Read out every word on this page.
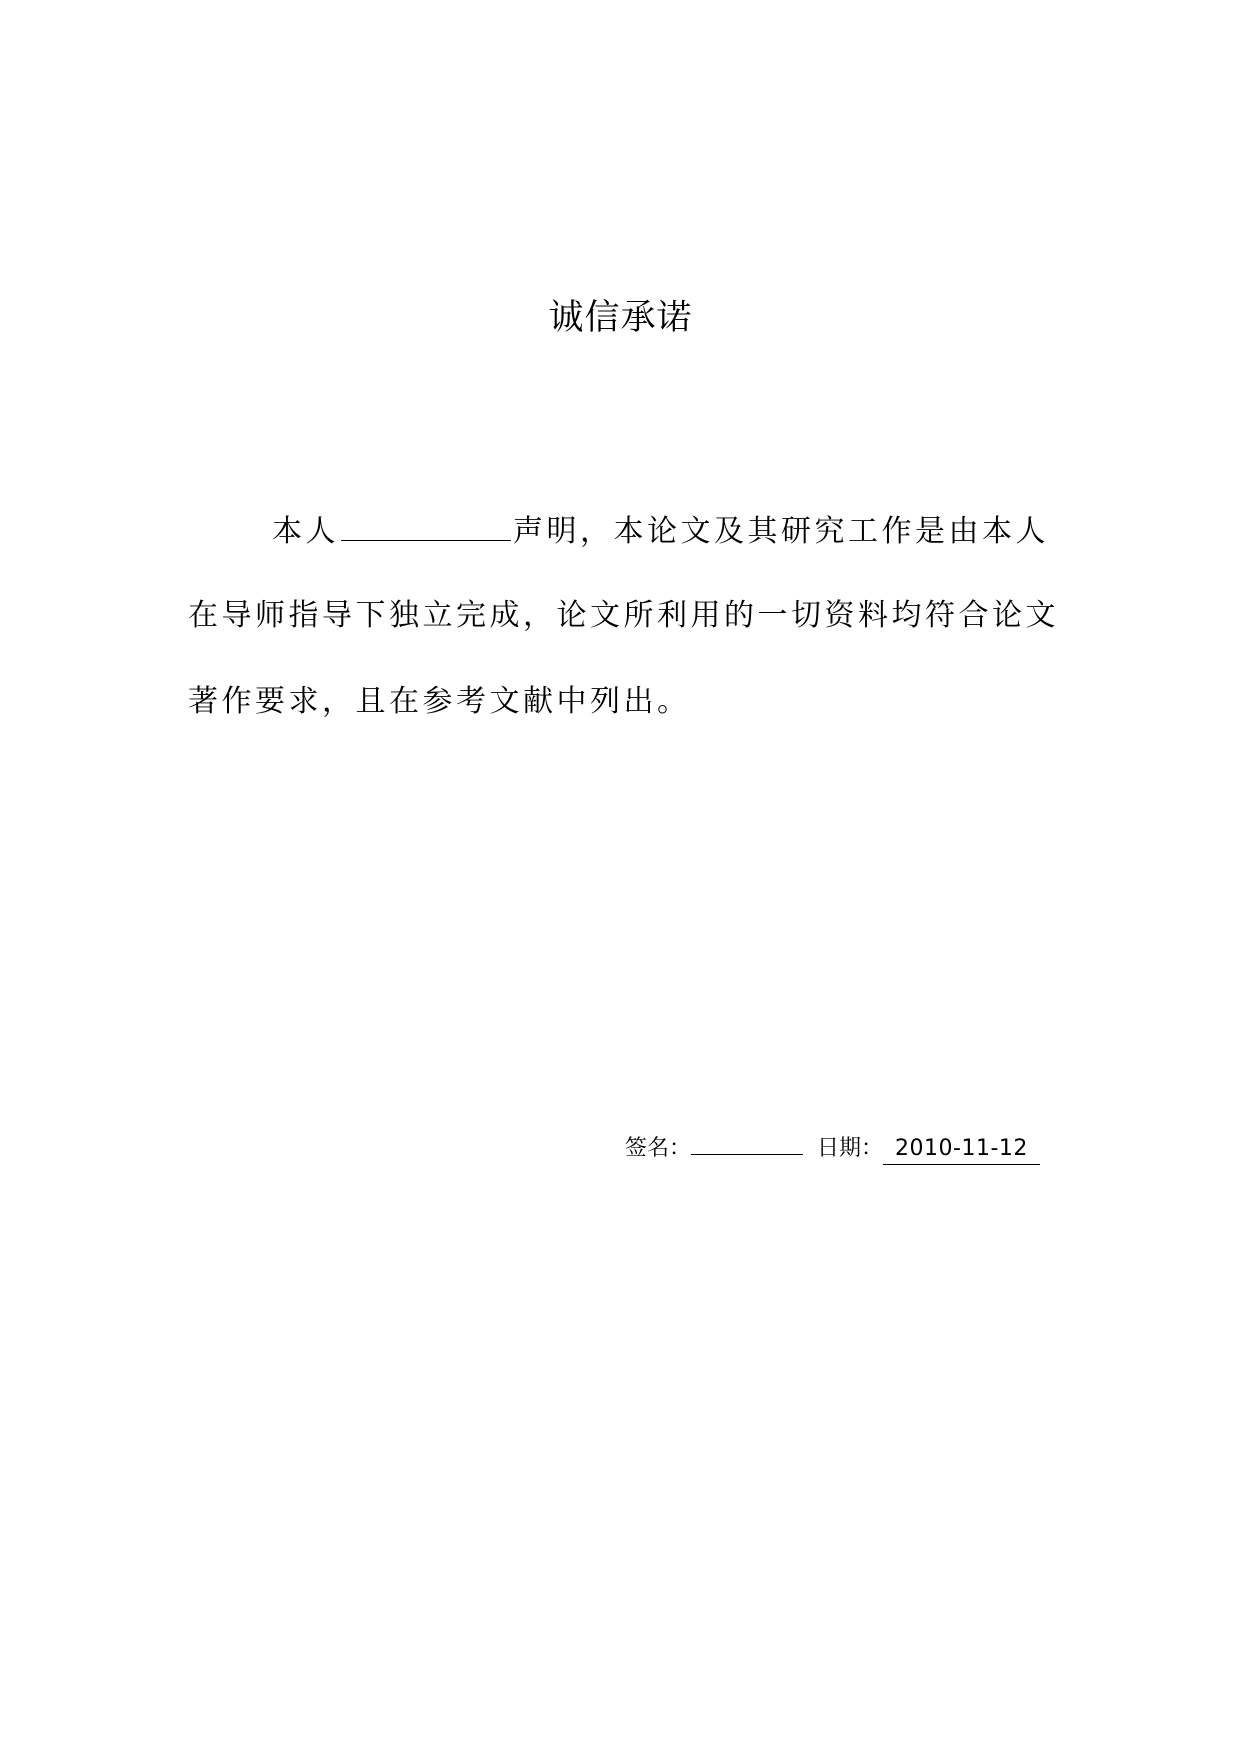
诚信承诺
本人	声明，本论文及其研究工作是由本人
在导师指导下独立完成，论文所利用的一切资料均符合论文
著作要求，且在参考文献中列出。
签名：	日期： 2010-11-12
